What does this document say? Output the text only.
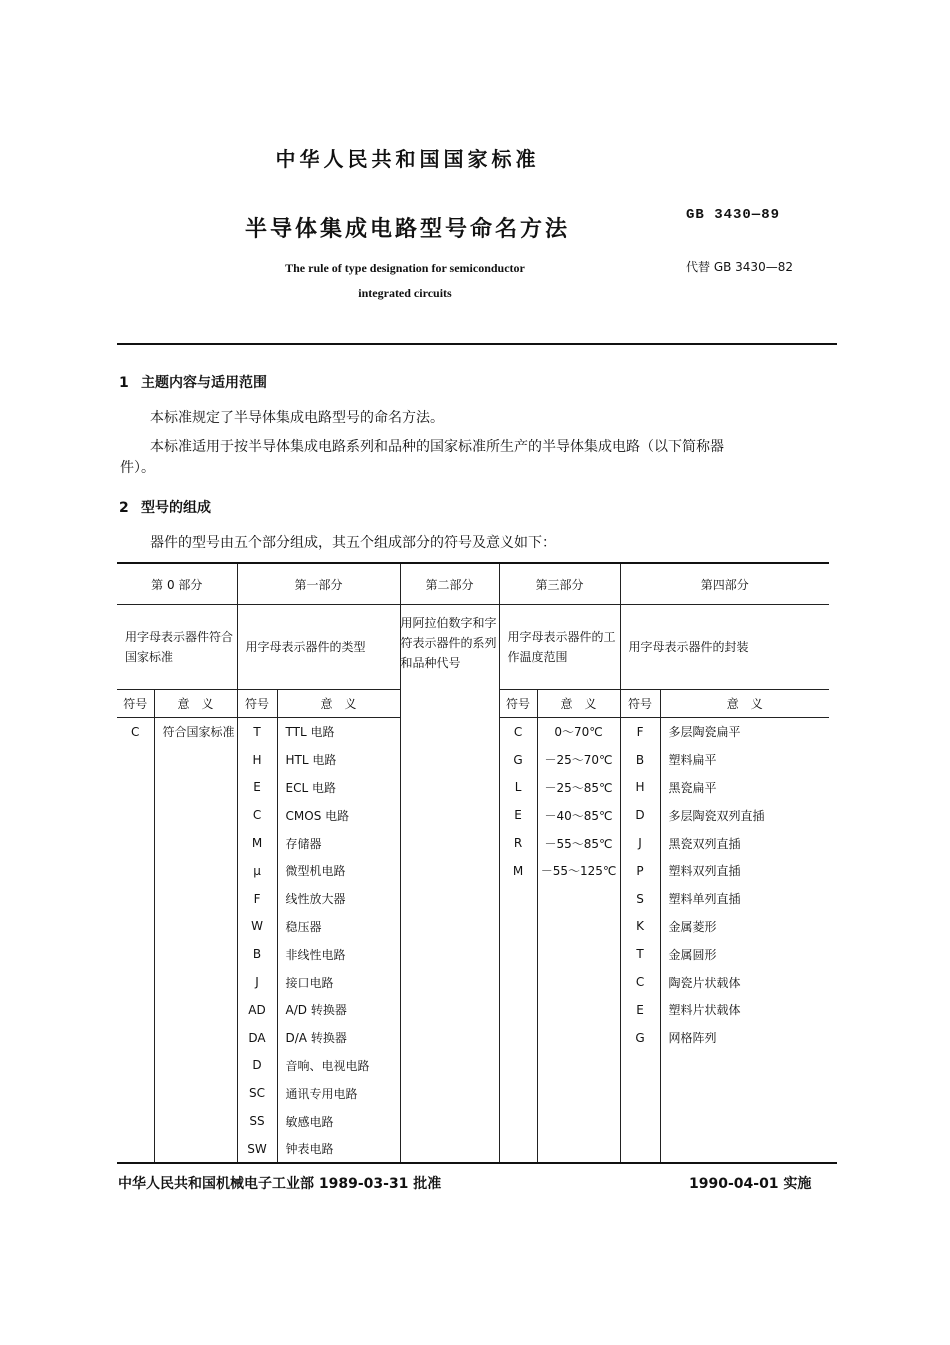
中华人民共和国国家标准
半导体集成电路型号命名方法
GB 3430—89
The rule of type designation for semiconductor
integrated circuits
代替 GB 3430—82
1 主题内容与适用范围
本标准规定了半导体集成电路型号的命名方法。
本标准适用于按半导体集成电路系列和品种的国家标准所生产的半导体集成电路（以下简称器
件）。
2 型号的组成
器件的型号由五个部分组成，其五个组成部分的符号及意义如下：
第 0 部分		第一部分		第二部分	第三部分		第四部分	
用字母表示器件符合国家标准		用字母表示器件的类型		用阿拉伯数字和字符表示器件的系列和品种代号	用字母表示器件的工作温度范围		用字母表示器件的封装	
符号	意　义	符号	意　义		符号	意　义	符号	意　义
C	符合国家标准	T	TTL 电路		C	0～70℃	F	多层陶瓷扁平
		H	HTL 电路		G	－25～70℃	B	塑料扁平
		E	ECL 电路		L	－25～85℃	H	黑瓷扁平
		C	CMOS 电路		E	－40～85℃	D	多层陶瓷双列直插
		M	存储器		R	－55～85℃	J	黑瓷双列直插
		μ	微型机电路		M	－55～125℃	P	塑料双列直插
		F	线性放大器				S	塑料单列直插
		W	稳压器				K	金属菱形
		B	非线性电路				T	金属圆形
		J	接口电路				C	陶瓷片状载体
		AD	A/D 转换器				E	塑料片状载体
		DA	D/A 转换器				G	网格阵列
		D	音响、电视电路					
		SC	通讯专用电路					
		SS	敏感电路					
		SW	钟表电路					
中华人民共和国机械电子工业部 1989-03-31 批准	1990-04-01 实施
